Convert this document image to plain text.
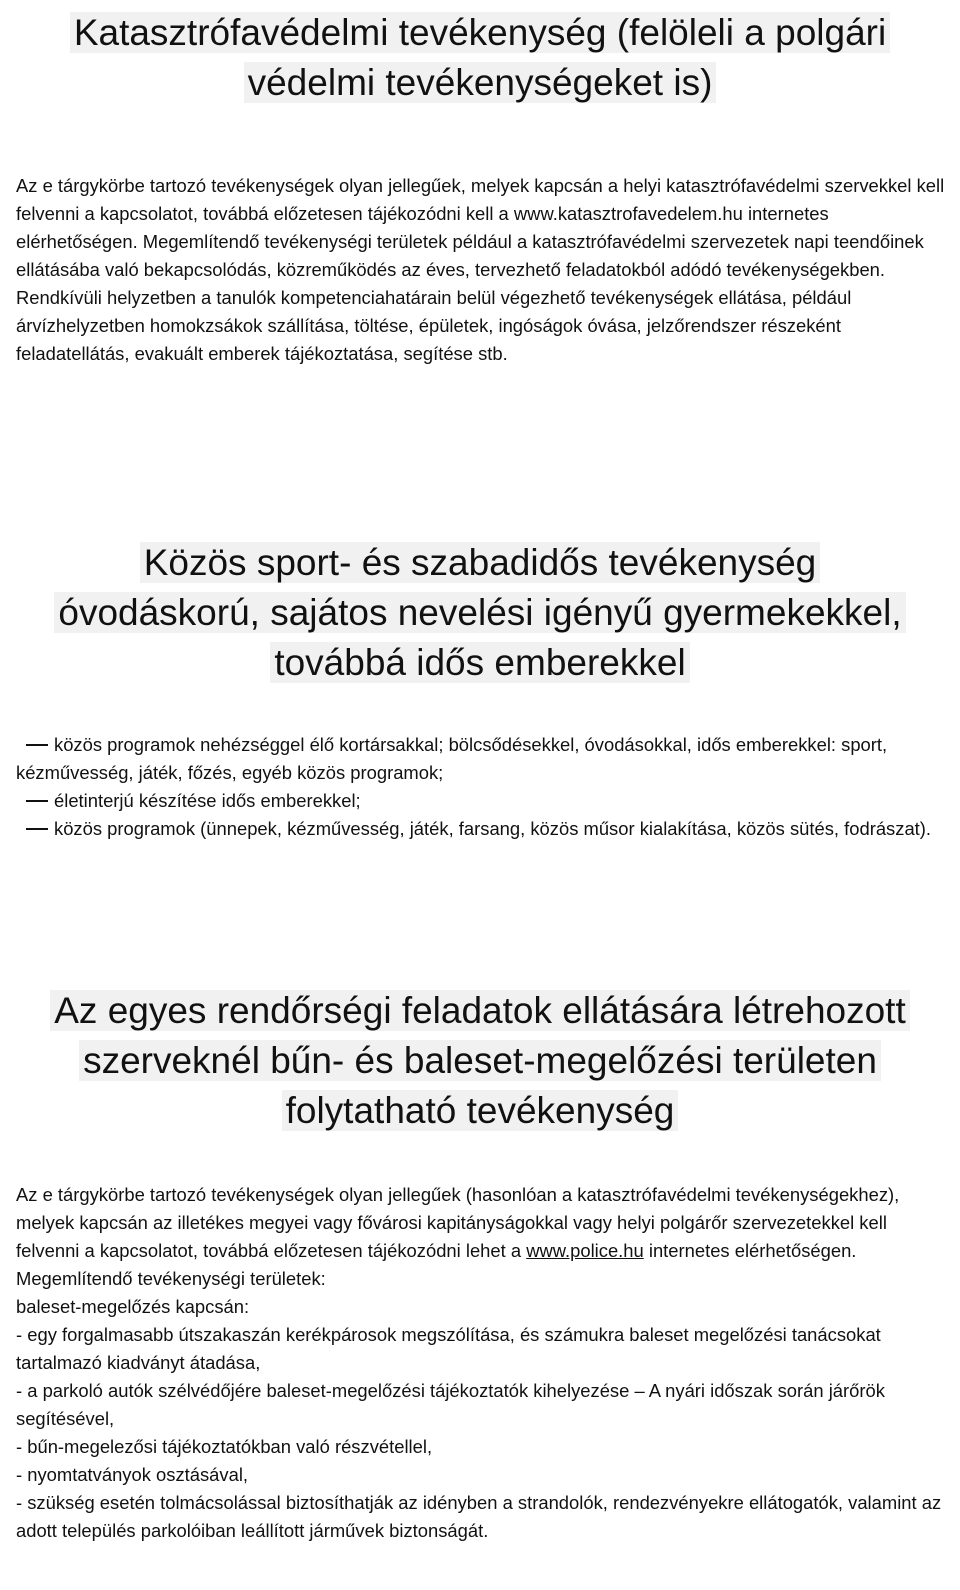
Katasztrófavédelmi tevékenység (felöleli a polgári
védelmi tevékenységeket is)

Az e tárgykörbe tartozó tevékenységek olyan jellegűek, melyek kapcsán a helyi katasztrófavédelmi szervekkel kell felvenni a kapcsolatot, továbbá előzetesen tájékozódni kell a www.katasztrofavedelem.hu internetes elérhetőségen. Megemlítendő tevékenységi területek például a katasztrófavédelmi szervezetek napi teendőinek ellátásába való bekapcsolódás, közreműködés az éves, tervezhető feladatokból adódó tevékenységekben. Rendkívüli helyzetben a tanulók kompetenciahatárain belül végezhető tevékenységek ellátása, például árvízhelyzetben homokzsákok szállítása, töltése, épületek, ingóságok óvása, jelzőrendszer részeként feladatellátás, evakuált emberek tájékoztatása, segítése stb.

Közös sport- és szabadidős tevékenység
óvodáskorú, sajátos nevelési igényű gyermekekkel,
továbbá idős emberekkel

közös programok nehézséggel élő kortársakkal; bölcsődésekkel, óvodásokkal, idős emberekkel: sport, kézművesség, játék, főzés, egyéb közös programok;

életinterjú készítése idős emberekkel;

közös programok (ünnepek, kézművesség, játék, farsang, közös műsor kialakítása, közös sütés, fodrászat).

Az egyes rendőrségi feladatok ellátására létrehozott
szerveknél bűn- és baleset-megelőzési területen
folytatható tevékenység

Az e tárgykörbe tartozó tevékenységek olyan jellegűek (hasonlóan a katasztrófavédelmi tevékenységekhez), melyek kapcsán az illetékes megyei vagy fővárosi kapitányságokkal vagy helyi polgárőr szervezetekkel kell felvenni a kapcsolatot, továbbá előzetesen tájékozódni lehet a www.police.hu internetes elérhetőségen.

Megemlítendő tevékenységi területek:

baleset-megelőzés kapcsán:

- egy forgalmasabb útszakaszán kerékpárosok megszólítása, és számukra baleset megelőzési tanácsokat tartalmazó kiadványt átadása,

- a parkoló autók szélvédőjére baleset-megelőzési tájékoztatók kihelyezése – A nyári időszak során járőrök segítésével,

- bűn-megelezősi tájékoztatókban való részvétellel,

- nyomtatványok osztásával,

- szükség esetén tolmácsolással biztosíthatják az idényben a strandolók, rendezvényekre ellátogatók, valamint az adott település parkolóiban leállított járművek biztonságát.
